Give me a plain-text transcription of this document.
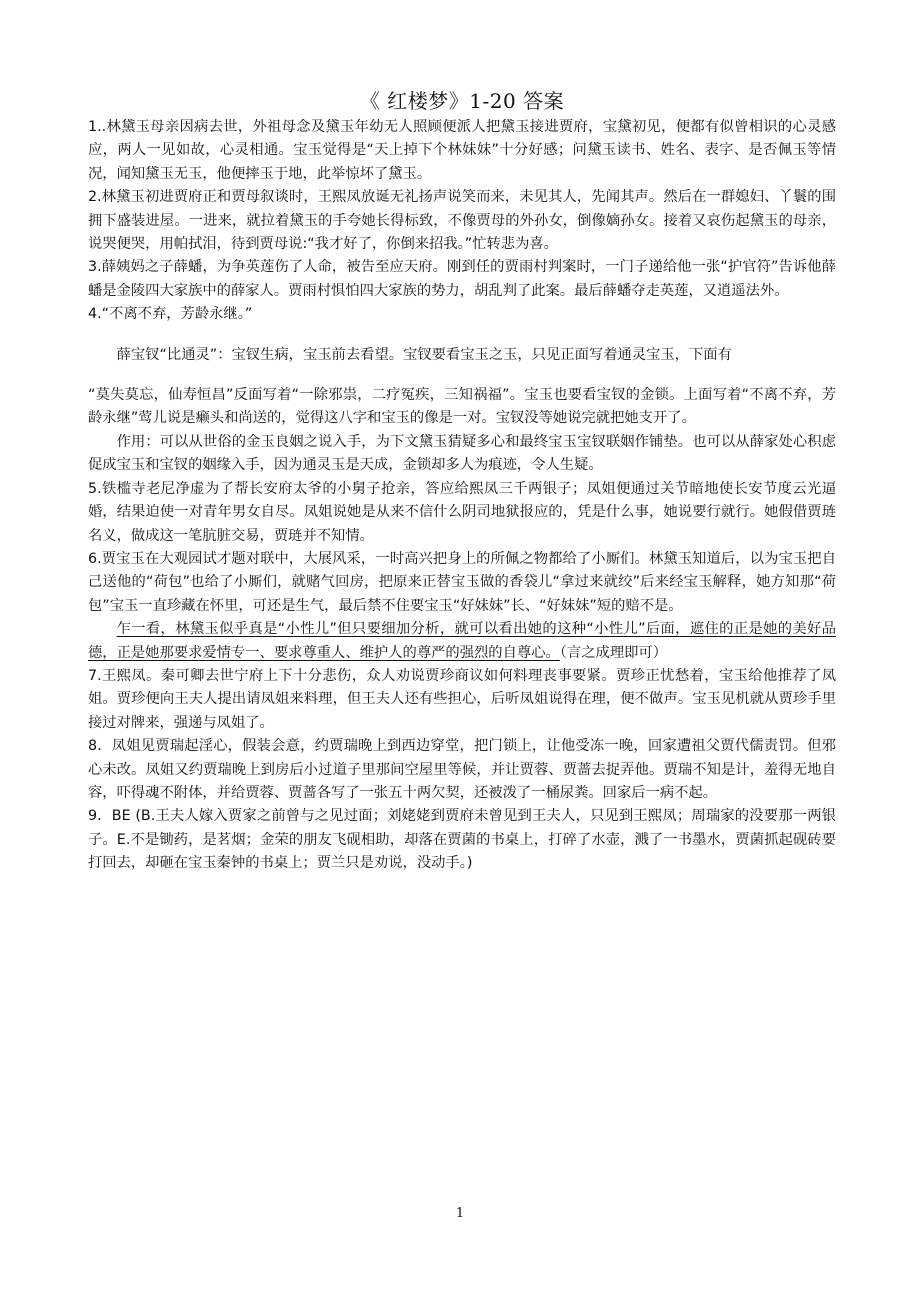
《 红楼梦》1-20 答案

1..林黛玉母亲因病去世，外祖母念及黛玉年幼无人照顾便派人把黛玉接进贾府，宝黛初见，便都有似曾相识的心灵感应，两人一见如故，心灵相通。宝玉觉得是“天上掉下个林妹妹”十分好感；问黛玉读书、姓名、表字、是否佩玉等情况，闻知黛玉无玉，他便摔玉于地，此举惊坏了黛玉。

2.林黛玉初进贾府正和贾母叙谈时，王熙凤放诞无礼扬声说笑而来，未见其人，先闻其声。然后在一群媳妇、丫鬟的围拥下盛装进屋。一进来，就拉着黛玉的手夸她长得标致，不像贾母的外孙女，倒像嫡孙女。接着又哀伤起黛玉的母亲，说哭便哭，用帕拭泪，待到贾母说:“我才好了，你倒来招我。”忙转悲为喜。

3.薛姨妈之子薛蟠，为争英莲伤了人命，被告至应天府。刚到任的贾雨村判案时，一门子递给他一张“护官符”告诉他薛蟠是金陵四大家族中的薛家人。贾雨村惧怕四大家族的势力，胡乱判了此案。最后薛蟠夺走英莲，又逍遥法外。

4.“不离不弃，芳龄永继。”

薛宝钗“比通灵”：宝钗生病，宝玉前去看望。宝钗要看宝玉之玉，只见正面写着通灵宝玉，下面有

“莫失莫忘，仙寿恒昌”反面写着“一除邪祟，二疗冤疾，三知祸福”。宝玉也要看宝钗的金锁。上面写着“不离不弃，芳龄永继”莺儿说是癞头和尚送的，觉得这八字和宝玉的像是一对。宝钗没等她说完就把她支开了。

作用：可以从世俗的金玉良姻之说入手，为下文黛玉猜疑多心和最终宝玉宝钗联姻作铺垫。也可以从薛家处心积虑促成宝玉和宝钗的姻缘入手，因为通灵玉是天成，金锁却多人为痕迹，令人生疑。

5.铁槛寺老尼净虚为了帮长安府太爷的小舅子抢亲，答应给熙凤三千两银子；凤姐便通过关节暗地使长安节度云光逼婚，结果迫使一对青年男女自尽。凤姐说她是从来不信什么阴司地狱报应的，凭是什么事，她说要行就行。她假借贾琏名义，做成这一笔肮脏交易，贾琏并不知情。

6.贾宝玉在大观园试才题对联中，大展风采，一时高兴把身上的所佩之物都给了小厮们。林黛玉知道后，以为宝玉把自己送他的“荷包”也给了小厮们，就赌气回房，把原来正替宝玉做的香袋儿“拿过来就绞”后来经宝玉解释，她方知那“荷包”宝玉一直珍藏在怀里，可还是生气，最后禁不住要宝玉“好妹妹”长、“好妹妹”短的赔不是。

乍一看，林黛玉似乎真是“小性儿”但只要细加分析，就可以看出她的这种“小性儿”后面，遮住的正是她的美好品德，正是她那要求爱情专一、要求尊重人、维护人的尊严的强烈的自尊心。（言之成理即可）

7.王熙凤。秦可卿去世宁府上下十分悲伤，众人劝说贾珍商议如何料理丧事要紧。贾珍正忧愁着，宝玉给他推荐了凤姐。贾珍便向王夫人提出请凤姐来料理，但王夫人还有些担心，后听凤姐说得在理，便不做声。宝玉见机就从贾珍手里接过对牌来，强递与凤姐了。

8．凤姐见贾瑞起淫心，假装会意，约贾瑞晚上到西边穿堂，把门锁上，让他受冻一晚，回家遭祖父贾代儒责罚。但邪心未改。凤姐又约贾瑞晚上到房后小过道子里那间空屋里等候，并让贾蓉、贾蔷去捉弄他。贾瑞不知是计，羞得无地自容，吓得魂不附体，并给贾蓉、贾蔷各写了一张五十两欠契，还被泼了一桶尿粪。回家后一病不起。

9．BE (B.王夫人嫁入贾家之前曾与之见过面；刘姥姥到贾府未曾见到王夫人，只见到王熙凤；周瑞家的没要那一两银子。E.不是锄药，是茗烟；金荣的朋友飞砚相助，却落在贾菌的书桌上，打碎了水壶，溅了一书墨水，贾菌抓起砚砖要打回去，却砸在宝玉秦钟的书桌上；贾兰只是劝说，没动手。)

1
